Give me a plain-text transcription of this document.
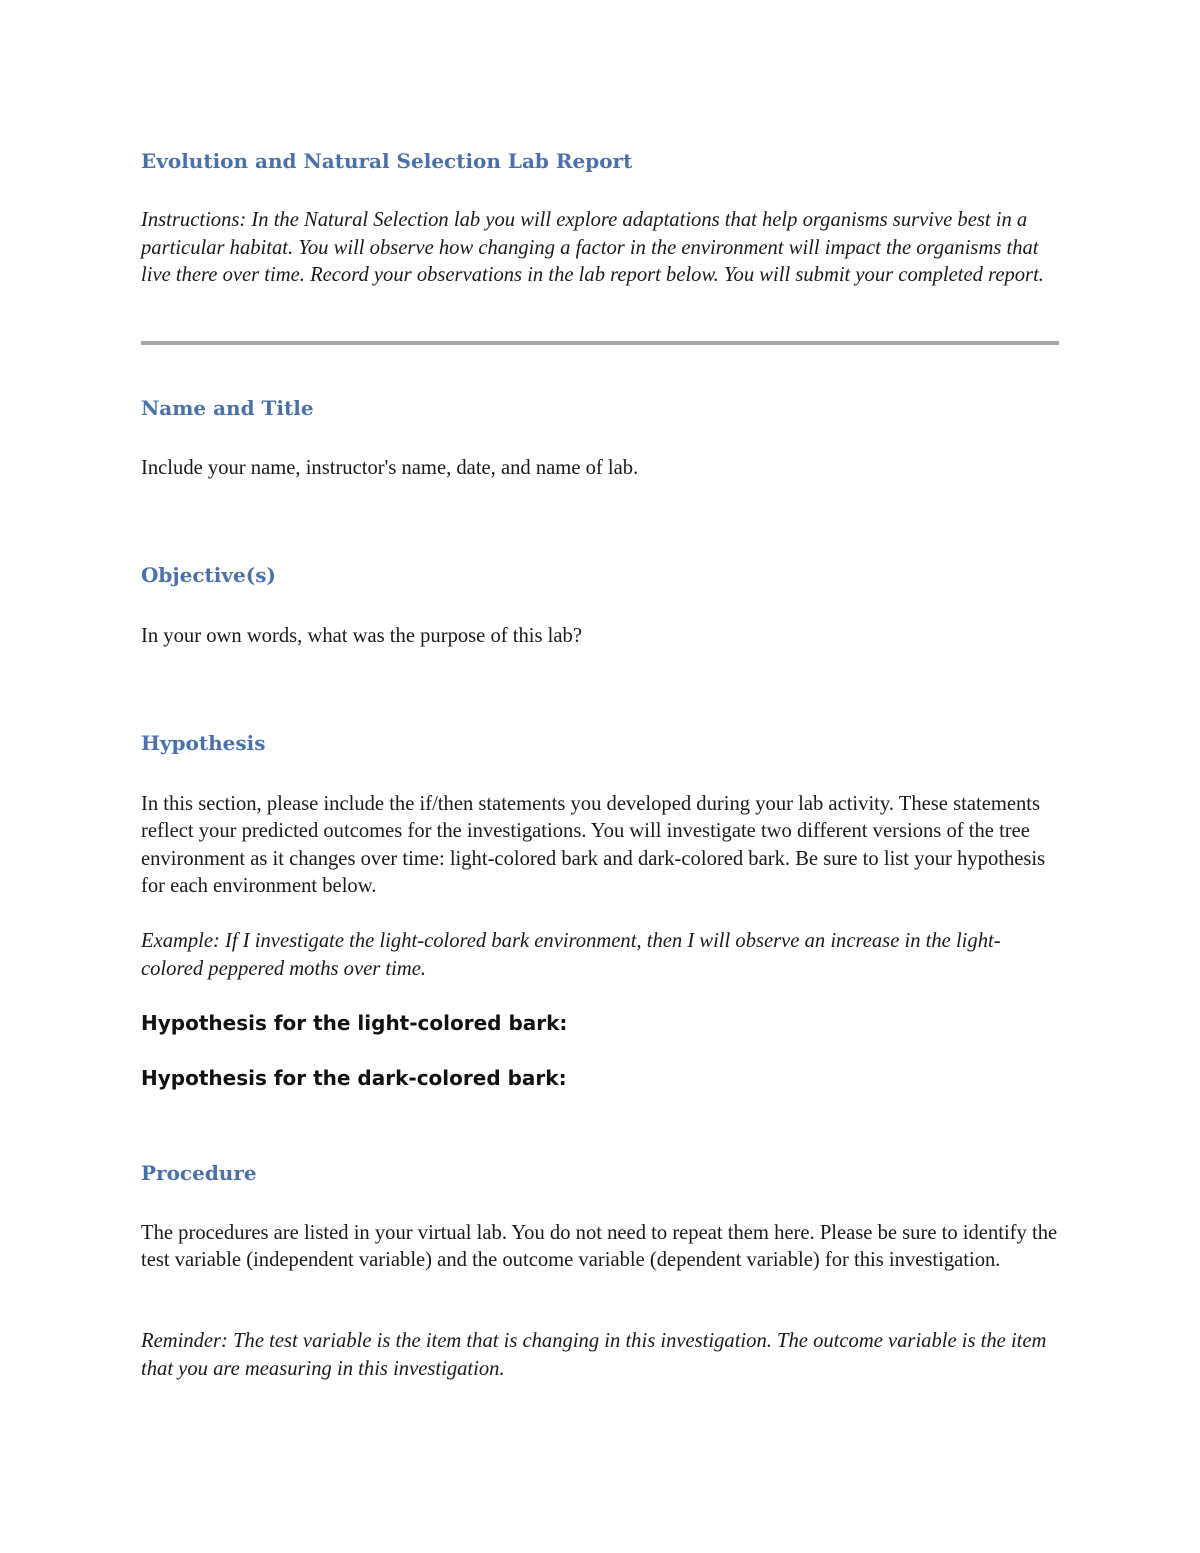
Evolution and Natural Selection Lab Report

Instructions: In the Natural Selection lab you will explore adaptations that help organisms survive best in a particular habitat. You will observe how changing a factor in the environment will impact the organisms that live there over time. Record your observations in the lab report below. You will submit your completed report.

Name and Title

Include your name, instructor's name, date, and name of lab.

Objective(s)

In your own words, what was the purpose of this lab?

Hypothesis

In this section, please include the if/then statements you developed during your lab activity. These statements reflect your predicted outcomes for the investigations. You will investigate two different versions of the tree environment as it changes over time: light-colored bark and dark-colored bark. Be sure to list your hypothesis for each environment below.

Example: If I investigate the light-colored bark environment, then I will observe an increase in the light-colored peppered moths over time.

Hypothesis for the light-colored bark:
Hypothesis for the dark-colored bark:
Procedure

The procedures are listed in your virtual lab. You do not need to repeat them here. Please be sure to identify the test variable (independent variable) and the outcome variable (dependent variable) for this investigation.

Reminder: The test variable is the item that is changing in this investigation. The outcome variable is the item that you are measuring in this investigation.
